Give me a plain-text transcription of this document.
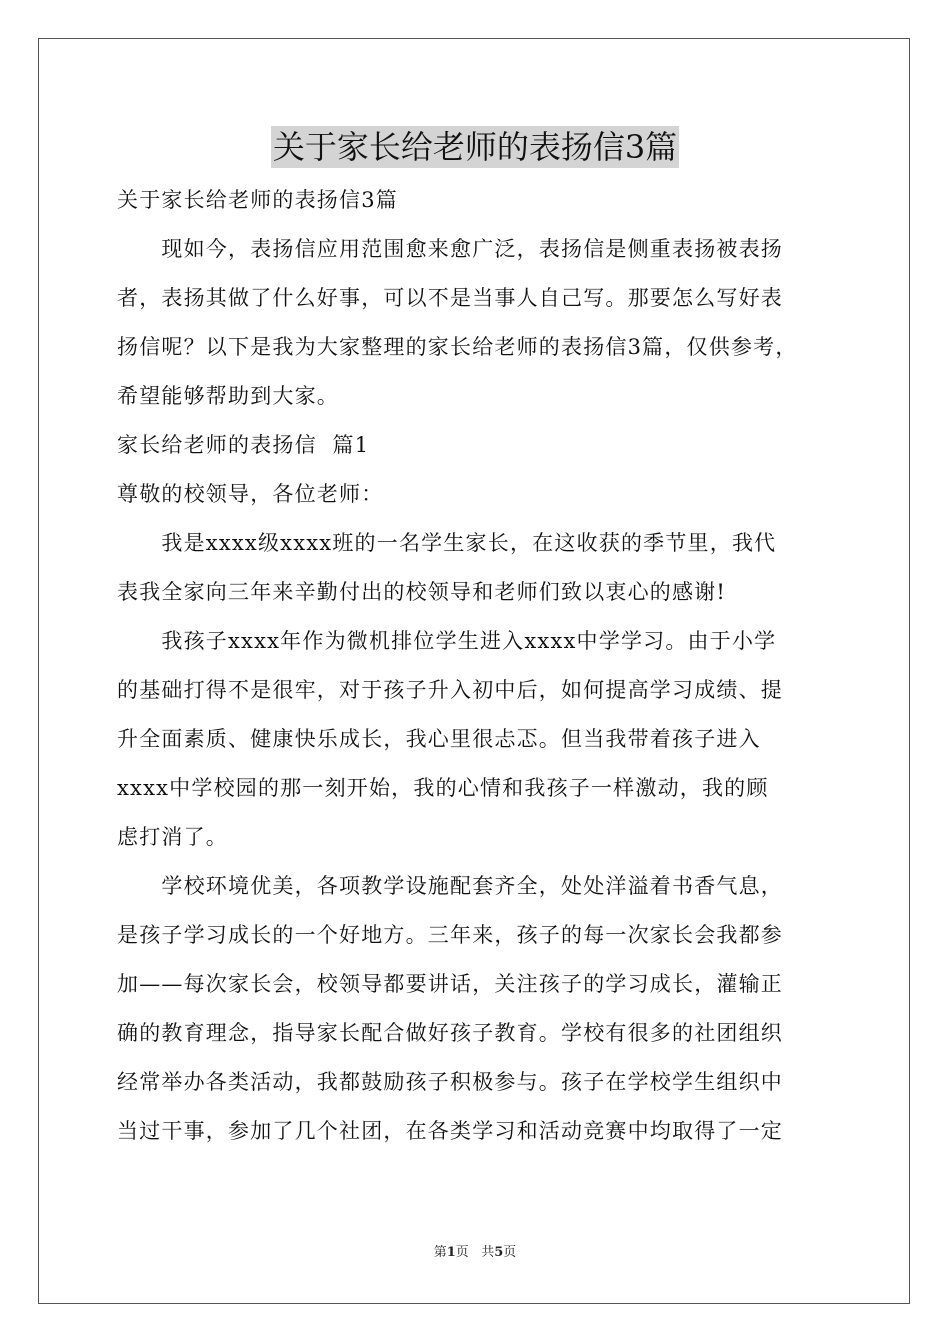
关于家长给老师的表扬信3篇
关于家长给老师的表扬信3篇
　　现如今，表扬信应用范围愈来愈广泛，表扬信是侧重表扬被表扬
者，表扬其做了什么好事，可以不是当事人自己写。那要怎么写好表
扬信呢？以下是我为大家整理的家长给老师的表扬信3篇，仅供参考，
希望能够帮助到大家。
家长给老师的表扬信  篇1
尊敬的校领导，各位老师：
　　我是xxxx级xxxx班的一名学生家长，在这收获的季节里，我代
表我全家向三年来辛勤付出的校领导和老师们致以衷心的感谢!
　　我孩子xxxx年作为微机排位学生进入xxxx中学学习。由于小学
的基础打得不是很牢，对于孩子升入初中后，如何提高学习成绩、提
升全面素质、健康快乐成长，我心里很忐忑。但当我带着孩子进入
xxxx中学校园的那一刻开始，我的心情和我孩子一样激动，我的顾
虑打消了。
　　学校环境优美，各项教学设施配套齐全，处处洋溢着书香气息，
是孩子学习成长的一个好地方。三年来，孩子的每一次家长会我都参
加——每次家长会，校领导都要讲话，关注孩子的学习成长，灌输正
确的教育理念，指导家长配合做好孩子教育。学校有很多的社团组织
经常举办各类活动，我都鼓励孩子积极参与。孩子在学校学生组织中
当过干事，参加了几个社团，在各类学习和活动竞赛中均取得了一定
第1页 共5页
